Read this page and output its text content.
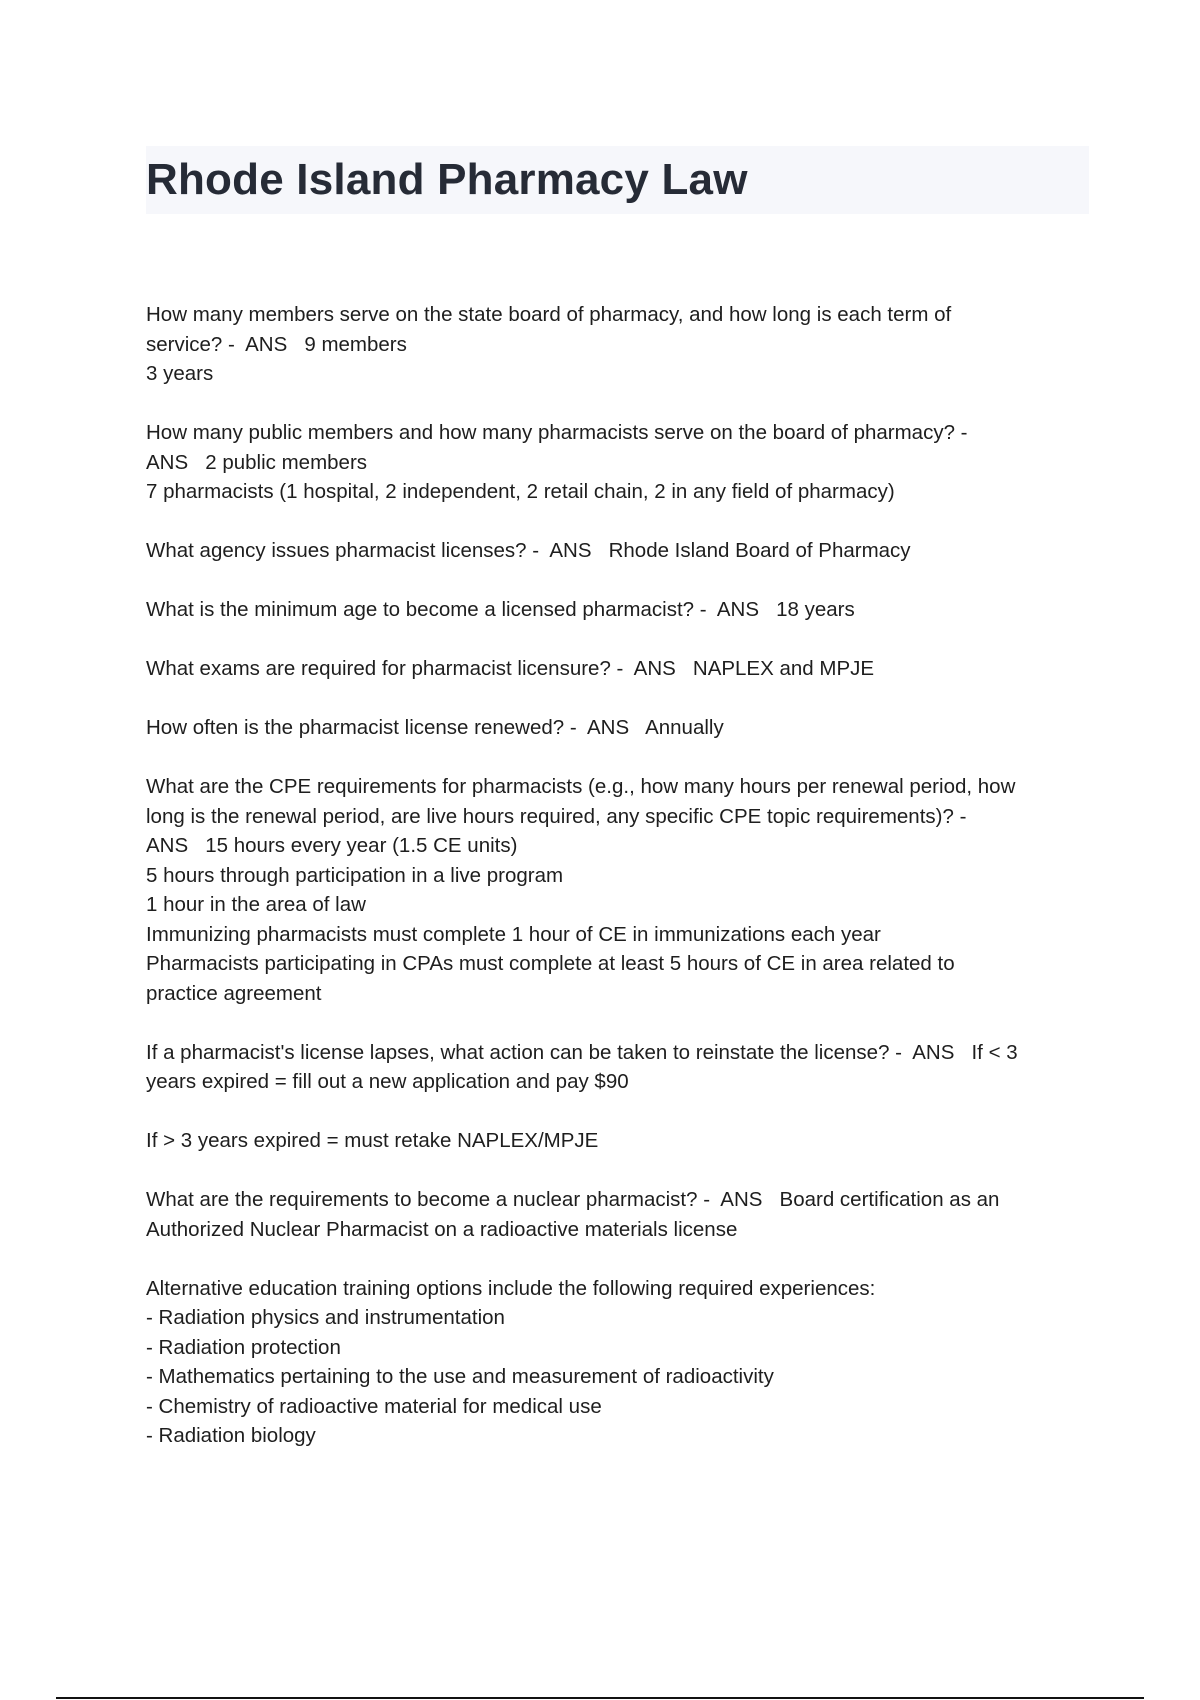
Rhode Island Pharmacy Law

How many members serve on the state board of pharmacy, and how long is each term of
service? -  ANS   9 members
3 years

How many public members and how many pharmacists serve on the board of pharmacy? -
ANS   2 public members
7 pharmacists (1 hospital, 2 independent, 2 retail chain, 2 in any field of pharmacy)

What agency issues pharmacist licenses? -  ANS   Rhode Island Board of Pharmacy

What is the minimum age to become a licensed pharmacist? -  ANS   18 years

What exams are required for pharmacist licensure? -  ANS   NAPLEX and MPJE

How often is the pharmacist license renewed? -  ANS   Annually

What are the CPE requirements for pharmacists (e.g., how many hours per renewal period, how
long is the renewal period, are live hours required, any specific CPE topic requirements)? -
ANS   15 hours every year (1.5 CE units)
5 hours through participation in a live program
1 hour in the area of law
Immunizing pharmacists must complete 1 hour of CE in immunizations each year
Pharmacists participating in CPAs must complete at least 5 hours of CE in area related to
practice agreement

If a pharmacist's license lapses, what action can be taken to reinstate the license? -  ANS   If < 3
years expired = fill out a new application and pay $90

If > 3 years expired = must retake NAPLEX/MPJE

What are the requirements to become a nuclear pharmacist? -  ANS   Board certification as an
Authorized Nuclear Pharmacist on a radioactive materials license

Alternative education training options include the following required experiences:
- Radiation physics and instrumentation
- Radiation protection
- Mathematics pertaining to the use and measurement of radioactivity
- Chemistry of radioactive material for medical use
- Radiation biology
